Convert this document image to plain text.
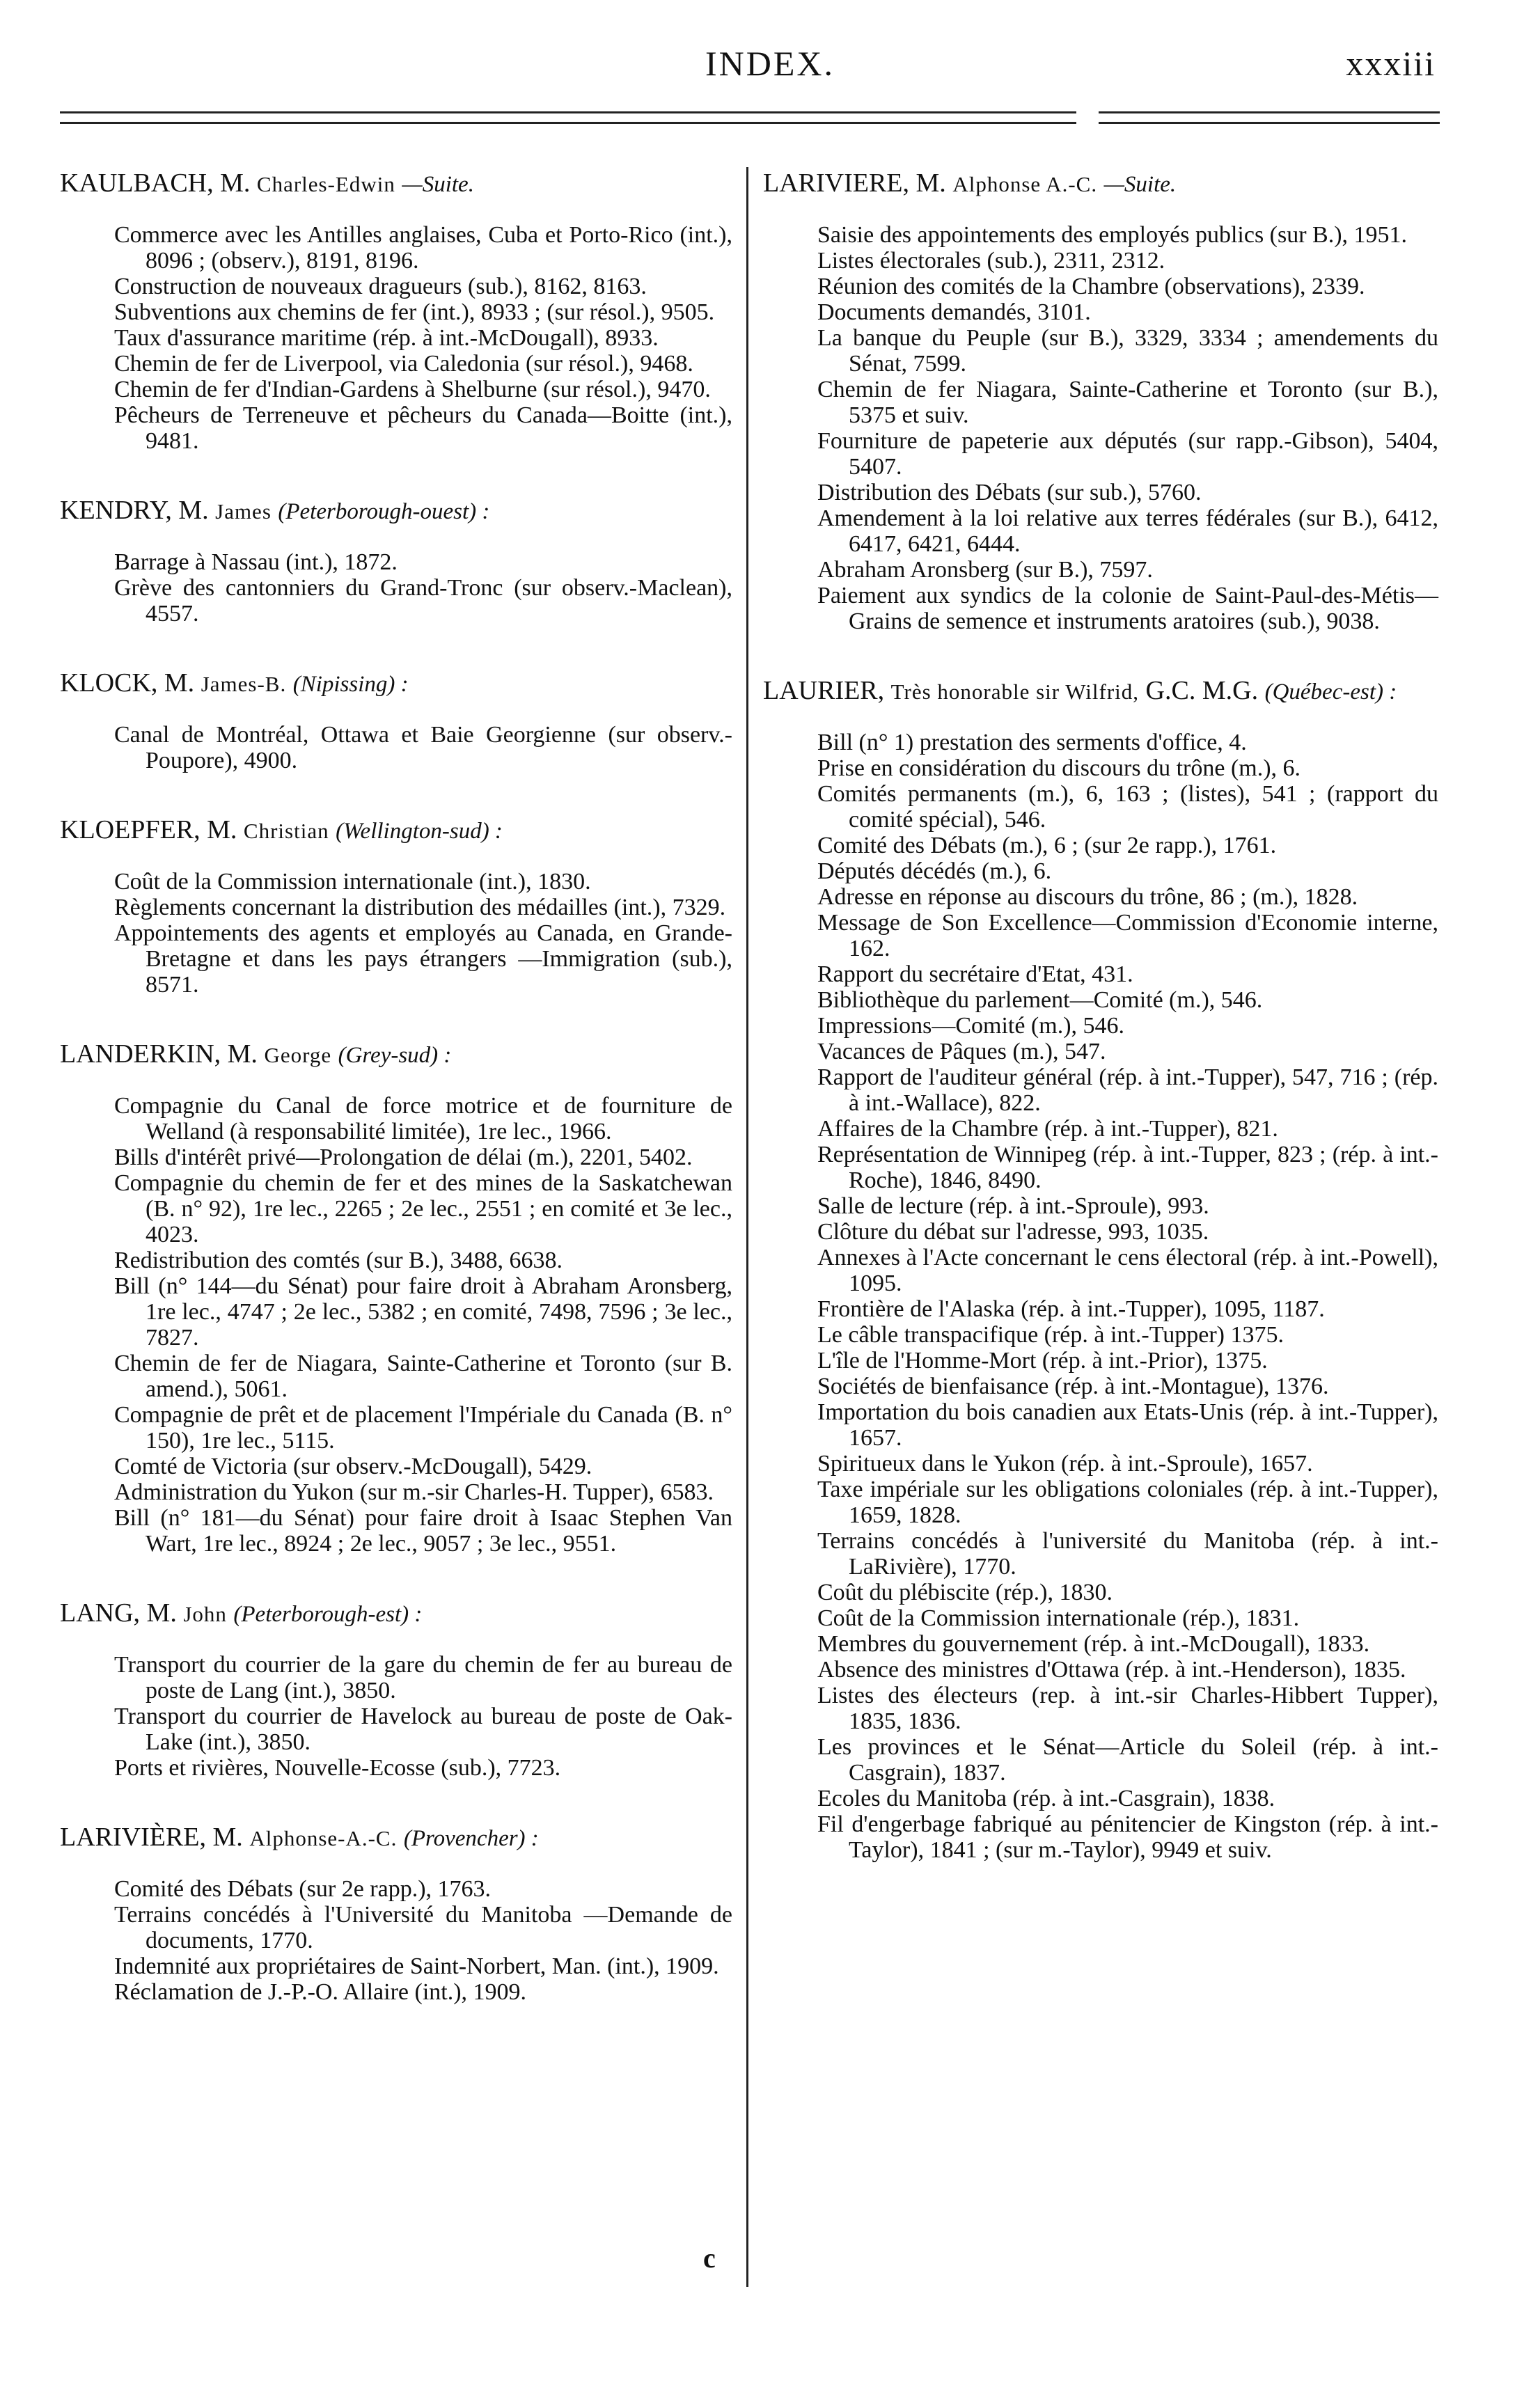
INDEX.	xxxiii
KAULBACH, M. Charles-Edwin —Suite.
Commerce avec les Antilles anglaises, Cuba et Porto-Rico (int.), 8096 ; (observ.), 8191, 8196.
Construction de nouveaux dragueurs (sub.), 8162, 8163.
Subventions aux chemins de fer (int.), 8933 ; (sur résol.), 9505.
Taux d'assurance maritime (rép. à int.-McDougall), 8933.
Chemin de fer de Liverpool, via Caledonia (sur résol.), 9468.
Chemin de fer d'Indian-Gardens à Shelburne (sur résol.), 9470.
Pêcheurs de Terreneuve et pêcheurs du Canada—Boitte (int.), 9481.
KENDRY, M. James (Peterborough-ouest) :
Barrage à Nassau (int.), 1872.
Grève des cantonniers du Grand-Tronc (sur observ.-Maclean), 4557.
KLOCK, M. James-B. (Nipissing) :
Canal de Montréal, Ottawa et Baie Georgienne (sur observ.-Poupore), 4900.
KLOEPFER, M. Christian (Wellington-sud) :
Coût de la Commission internationale (int.), 1830.
Règlements concernant la distribution des médailles (int.), 7329.
Appointements des agents et employés au Canada, en Grande-Bretagne et dans les pays étrangers —Immigration (sub.), 8571.
LANDERKIN, M. George (Grey-sud) :
Compagnie du Canal de force motrice et de fourniture de Welland (à responsabilité limitée), 1re lec., 1966.
Bills d'intérêt privé—Prolongation de délai (m.), 2201, 5402.
Compagnie du chemin de fer et des mines de la Saskatchewan (B. n° 92), 1re lec., 2265 ; 2e lec., 2551 ; en comité et 3e lec., 4023.
Redistribution des comtés (sur B.), 3488, 6638.
Bill (n° 144—du Sénat) pour faire droit à Abraham Aronsberg, 1re lec., 4747 ; 2e lec., 5382 ; en comité, 7498, 7596 ; 3e lec., 7827.
Chemin de fer de Niagara, Sainte-Catherine et Toronto (sur B. amend.), 5061.
Compagnie de prêt et de placement l'Impériale du Canada (B. n° 150), 1re lec., 5115.
Comté de Victoria (sur observ.-McDougall), 5429.
Administration du Yukon (sur m.-sir Charles-H. Tupper), 6583.
Bill (n° 181—du Sénat) pour faire droit à Isaac Stephen Van Wart, 1re lec., 8924 ; 2e lec., 9057 ; 3e lec., 9551.
LANG, M. John (Peterborough-est) :
Transport du courrier de la gare du chemin de fer au bureau de poste de Lang (int.), 3850.
Transport du courrier de Havelock au bureau de poste de Oak-Lake (int.), 3850.
Ports et rivières, Nouvelle-Ecosse (sub.), 7723.
LARIVIÈRE, M. Alphonse-A.-C. (Provencher) :
Comité des Débats (sur 2e rapp.), 1763.
Terrains concédés à l'Université du Manitoba —Demande de documents, 1770.
Indemnité aux propriétaires de Saint-Norbert, Man. (int.), 1909.
Réclamation de J.-P.-O. Allaire (int.), 1909.
LARIVIERE, M. Alphonse A.-C. —Suite.
Saisie des appointements des employés publics (sur B.), 1951.
Listes électorales (sub.), 2311, 2312.
Réunion des comités de la Chambre (observations), 2339.
Documents demandés, 3101.
La banque du Peuple (sur B.), 3329, 3334 ; amendements du Sénat, 7599.
Chemin de fer Niagara, Sainte-Catherine et Toronto (sur B.), 5375 et suiv.
Fourniture de papeterie aux députés (sur rapp.-Gibson), 5404, 5407.
Distribution des Débats (sur sub.), 5760.
Amendement à la loi relative aux terres fédérales (sur B.), 6412, 6417, 6421, 6444.
Abraham Aronsberg (sur B.), 7597.
Paiement aux syndics de la colonie de Saint-Paul-des-Métis—Grains de semence et instruments aratoires (sub.), 9038.
LAURIER, Très honorable sir Wilfrid, G.C. M.G. (Québec-est) :
Bill (n° 1) prestation des serments d'office, 4.
Prise en considération du discours du trône (m.), 6.
Comités permanents (m.), 6, 163 ; (listes), 541 ; (rapport du comité spécial), 546.
Comité des Débats (m.), 6 ; (sur 2e rapp.), 1761.
Députés décédés (m.), 6.
Adresse en réponse au discours du trône, 86 ; (m.), 1828.
Message de Son Excellence—Commission d'Economie interne, 162.
Rapport du secrétaire d'Etat, 431.
Bibliothèque du parlement—Comité (m.), 546.
Impressions—Comité (m.), 546.
Vacances de Pâques (m.), 547.
Rapport de l'auditeur général (rép. à int.-Tupper), 547, 716 ; (rép. à int.-Wallace), 822.
Affaires de la Chambre (rép. à int.-Tupper), 821.
Représentation de Winnipeg (rép. à int.-Tupper, 823 ; (rép. à int.-Roche), 1846, 8490.
Salle de lecture (rép. à int.-Sproule), 993.
Clôture du débat sur l'adresse, 993, 1035.
Annexes à l'Acte concernant le cens électoral (rép. à int.-Powell), 1095.
Frontière de l'Alaska (rép. à int.-Tupper), 1095, 1187.
Le câble transpacifique (rép. à int.-Tupper) 1375.
L'île de l'Homme-Mort (rép. à int.-Prior), 1375.
Sociétés de bienfaisance (rép. à int.-Montague), 1376.
Importation du bois canadien aux Etats-Unis (rép. à int.-Tupper), 1657.
Spiritueux dans le Yukon (rép. à int.-Sproule), 1657.
Taxe impériale sur les obligations coloniales (rép. à int.-Tupper), 1659, 1828.
Terrains concédés à l'université du Manitoba (rép. à int.-LaRivière), 1770.
Coût du plébiscite (rép.), 1830.
Coût de la Commission internationale (rép.), 1831.
Membres du gouvernement (rép. à int.-McDougall), 1833.
Absence des ministres d'Ottawa (rép. à int.-Henderson), 1835.
Listes des électeurs (rep. à int.-sir Charles-Hibbert Tupper), 1835, 1836.
Les provinces et le Sénat—Article du Soleil (rép. à int.-Casgrain), 1837.
Ecoles du Manitoba (rép. à int.-Casgrain), 1838.
Fil d'engerbage fabriqué au pénitencier de Kingston (rép. à int.-Taylor), 1841 ; (sur m.-Taylor), 9949 et suiv.
c
